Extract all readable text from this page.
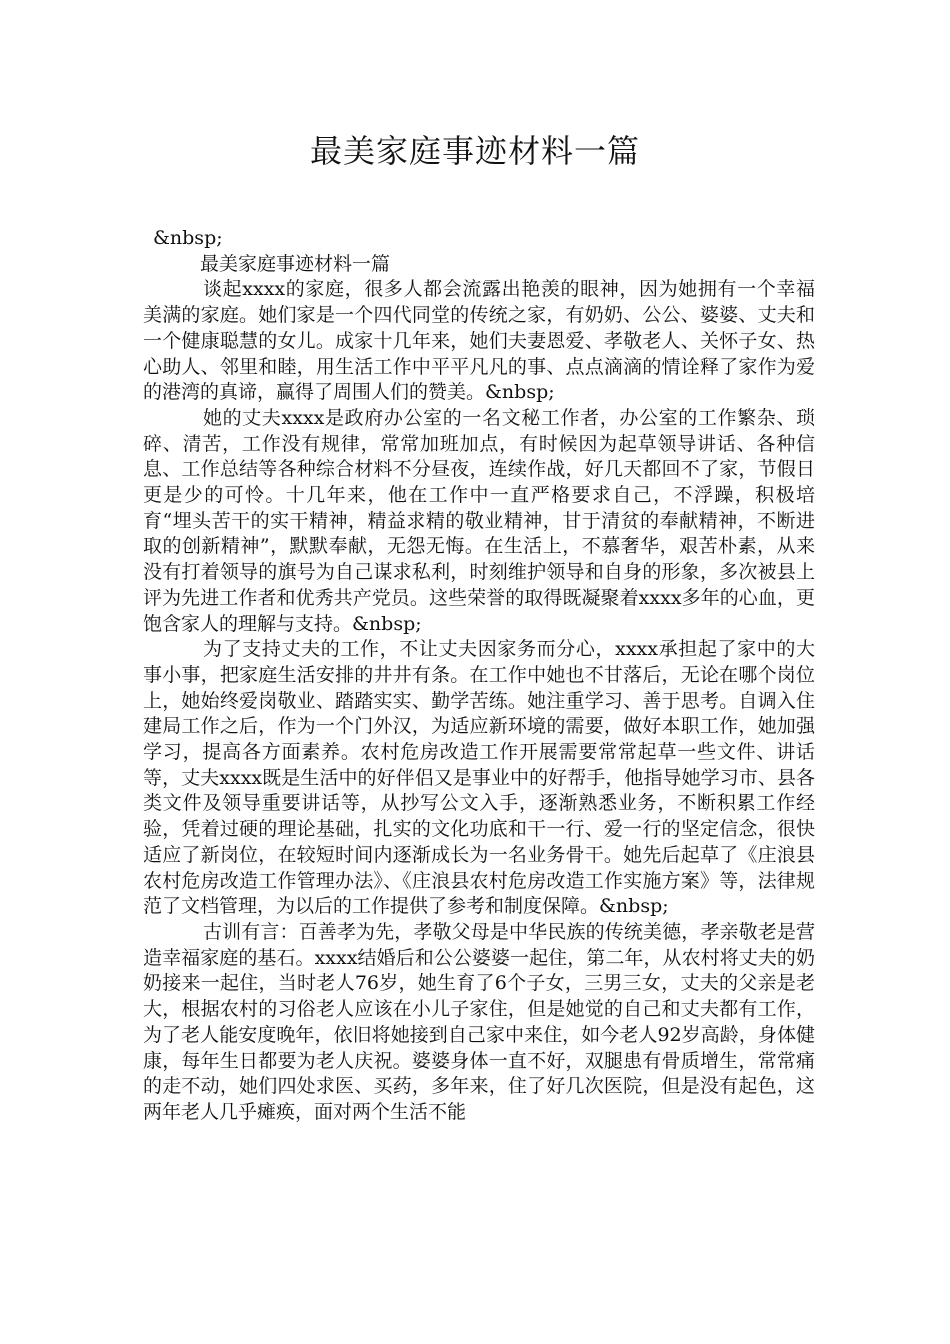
最美家庭事迹材料一篇

&nbsp;

最美家庭事迹材料一篇

谈起xxxx的家庭，很多人都会流露出艳羡的眼神，因为她拥有一个幸福美满的家庭。她们家是一个四代同堂的传统之家，有奶奶、公公、婆婆、丈夫和一个健康聪慧的女儿。成家十几年来，她们夫妻恩爱、孝敬老人、关怀子女、热心助人、邻里和睦，用生活工作中平平凡凡的事、点点滴滴的情诠释了家作为爱的港湾的真谛，赢得了周围人们的赞美。&nbsp;

她的丈夫xxxx是政府办公室的一名文秘工作者，办公室的工作繁杂、琐碎、清苦，工作没有规律，常常加班加点，有时候因为起草领导讲话、各种信息、工作总结等各种综合材料不分昼夜，连续作战，好几天都回不了家，节假日更是少的可怜。十几年来，他在工作中一直严格要求自己，不浮躁，积极培育“埋头苦干的实干精神，精益求精的敬业精神，甘于清贫的奉献精神，不断进取的创新精神”，默默奉献，无怨无悔。在生活上，不慕奢华，艰苦朴素，从来没有打着领导的旗号为自己谋求私利，时刻维护领导和自身的形象，多次被县上评为先进工作者和优秀共产党员。这些荣誉的取得既凝聚着xxxx多年的心血，更饱含家人的理解与支持。&nbsp;

为了支持丈夫的工作，不让丈夫因家务而分心，xxxx承担起了家中的大事小事，把家庭生活安排的井井有条。在工作中她也不甘落后，无论在哪个岗位上，她始终爱岗敬业、踏踏实实、勤学苦练。她注重学习、善于思考。自调入住建局工作之后，作为一个门外汉，为适应新环境的需要，做好本职工作，她加强学习，提高各方面素养。农村危房改造工作开展需要常常起草一些文件、讲话等，丈夫xxxx既是生活中的好伴侣又是事业中的好帮手，他指导她学习市、县各类文件及领导重要讲话等，从抄写公文入手，逐渐熟悉业务，不断积累工作经验，凭着过硬的理论基础，扎实的文化功底和干一行、爱一行的坚定信念，很快适应了新岗位，在较短时间内逐渐成长为一名业务骨干。她先后起草了《庄浪县农村危房改造工作管理办法》、《庄浪县农村危房改造工作实施方案》等，法律规范了文档管理，为以后的工作提供了参考和制度保障。&nbsp;

古训有言：百善孝为先，孝敬父母是中华民族的传统美德，孝亲敬老是营造幸福家庭的基石。xxxx结婚后和公公婆婆一起住，第二年，从农村将丈夫的奶奶接来一起住，当时老人76岁，她生育了6个子女，三男三女，丈夫的父亲是老大，根据农村的习俗老人应该在小儿子家住，但是她觉的自己和丈夫都有工作，为了老人能安度晚年，依旧将她接到自己家中来住，如今老人92岁高龄，身体健康，每年生日都要为老人庆祝。婆婆身体一直不好，双腿患有骨质增生，常常痛的走不动，她们四处求医、买药，多年来，住了好几次医院，但是没有起色，这两年老人几乎瘫痪，面对两个生活不能
